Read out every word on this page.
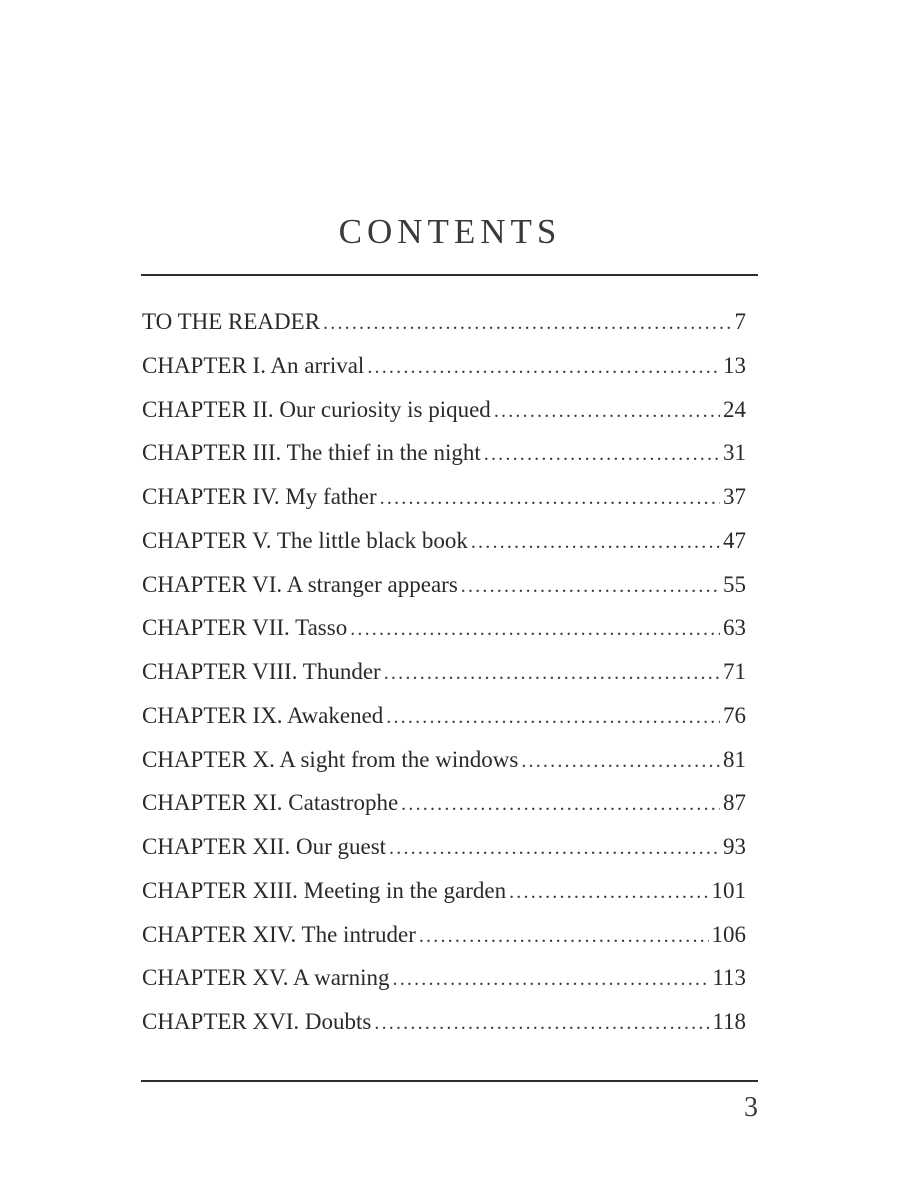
CONTENTS
TO THE READER . . .	7
CHAPTER I. An arrival . . .	13
CHAPTER II. Our curiosity is piqued . . .	24
CHAPTER III. The thief in the night . . .	31
CHAPTER IV. My father . . .	37
CHAPTER V. The little black book . . .	47
CHAPTER VI. A stranger appears . . .	55
CHAPTER VII. Tasso . . .	63
CHAPTER VIII. Thunder . . .	71
CHAPTER IX. Awakened . . .	76
CHAPTER X. A sight from the windows . . .	81
CHAPTER XI. Catastrophe . . .	87
CHAPTER XII. Our guest . . .	93
CHAPTER XIII. Meeting in the garden . . .	101
CHAPTER XIV. The intruder . . .	106
CHAPTER XV. A warning . . .	113
CHAPTER XVI. Doubts . . .	118
3
